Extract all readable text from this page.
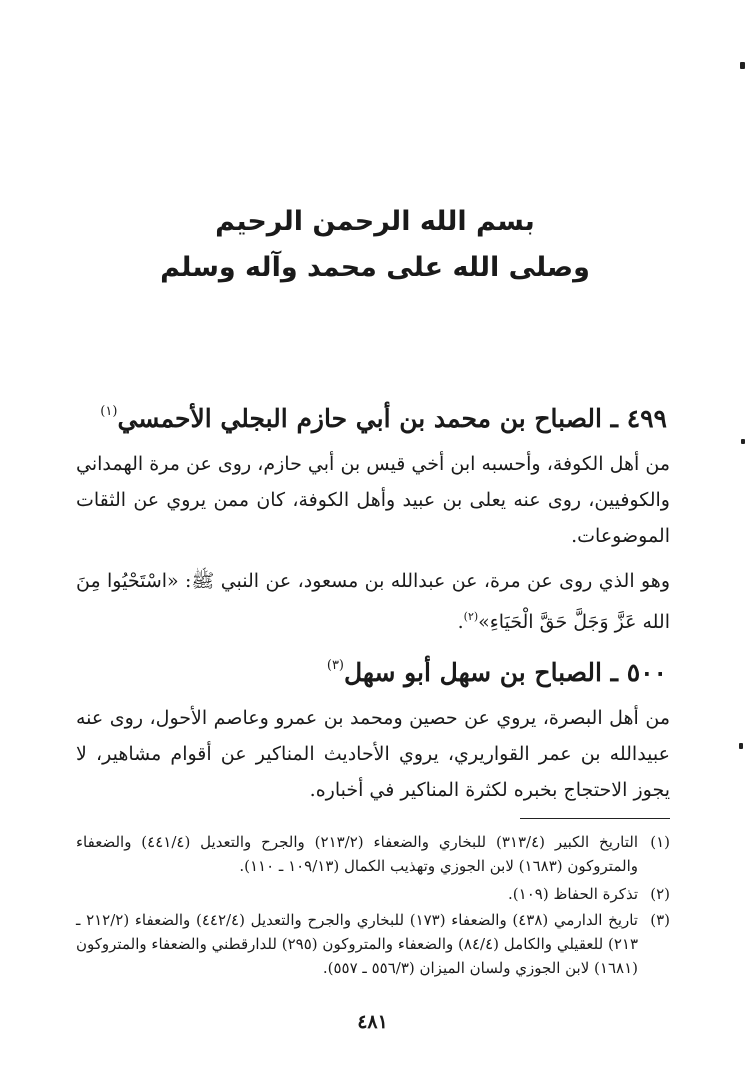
بسم الله الرحمن الرحيم
وصلى الله على محمد وآله وسلم
٤٩٩ ـ الصباح بن محمد بن أبي حازم البجلي الأحمسي$^{(١)}$
من أهل الكوفة، وأحسبه ابن أخي قيس بن أبي حازم، روى عن مرة الهمداني والكوفيين، روى عنه يعلى بن عبيد وأهل الكوفة، كان ممن يروي عن الثقات الموضوعات.
وهو الذي روى عن مرة، عن عبدالله بن مسعود، عن النبي ﷺ: «اسْتَحْيُوا مِنَ الله عَزَّ وَجَلَّ حَقَّ الْحَيَاءِ»$^{(٢)}$.
٥٠٠ ـ الصباح بن سهل أبو سهل$^{(٣)}$
من أهل البصرة، يروي عن حصين ومحمد بن عمرو وعاصم الأحول، روى عنه عبيدالله بن عمر القواريري، يروي الأحاديث المناكير عن أقوام مشاهير، لا يجوز الاحتجاج بخبره لكثرة المناكير في أخباره.
(١)
التاريخ الكبير (٣١٣/٤) للبخاري والضعفاء (٢١٣/٢) والجرح والتعديل (٤٤١/٤) والضعفاء والمتروكون (١٦٨٣) لابن الجوزي وتهذيب الكمال (١٠٩/١٣ ـ ١١٠).
(٢)
تذكرة الحفاظ (١٠٩).
(٣)
تاريخ الدارمي (٤٣٨) والضعفاء (١٧٣) للبخاري والجرح والتعديل (٤٤٢/٤) والضعفاء (٢١٢/٢ ـ ٢١٣) للعقيلي والكامل (٨٤/٤) والضعفاء والمتروكون (٢٩٥) للدارقطني والضعفاء والمتروكون (١٦٨١) لابن الجوزي ولسان الميزان (٥٥٦/٣ ـ ٥٥٧).
٤٨١
